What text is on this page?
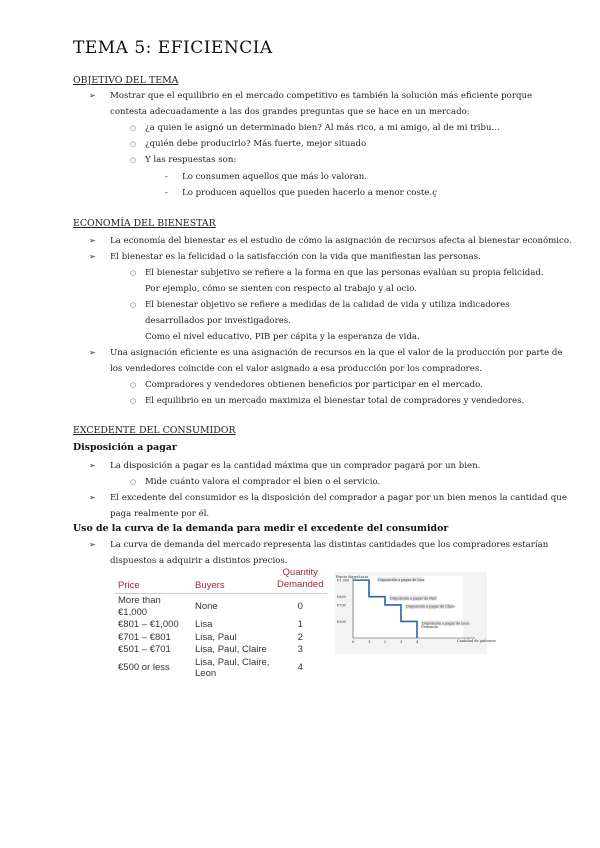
TEMA 5: EFICIENCIA
OBJETIVO DEL TEMA
➢ Mostrar que el equilibrio en el mercado competitivo es también la solución más eficiente porque
contesta adecuadamente a las dos grandes preguntas que se hace en un mercado:
○ ¿a quien le asignó un determinado bien? Al más rico, a mi amigo, al de mi tribu...
○ ¿quién debe producirlo? Más fuerte, mejor situado
○ Y las respuestas son:
- Lo consumen aquellos que más lo valoran.
- Lo producen aquellos que pueden hacerlo a menor coste.ç
ECONOMÍA DEL BIENESTAR
➢ La economía del bienestar es el estudio de cómo la asignación de recursos afecta al bienestar económico.
➢ El bienestar es la felicidad o la satisfacción con la vida que manifiestan las personas.
○ El bienestar subjetivo se refiere a la forma en que las personas evalúan su propia felicidad.
Por ejemplo, cómo se sienten con respecto al trabajo y al ocio.
○ El bienestar objetivo se refiere a medidas de la calidad de vida y utiliza indicadores
desarrollados por investigadores.
Como el nivel educativo, PIB per cápita y la esperanza de vida.
➢ Una asignación eficiente es una asignación de recursos en la que el valor de la producción por parte de
los vendedores coincide con el valor asignado a esa producción por los compradores.
○ Compradores y vendedores obtienen beneficios por participar en el mercado.
○ El equilibrio en un mercado maximiza el bienestar total de compradores y vendedores.
EXCEDENTE DEL CONSUMIDOR
Disposición a pagar
➢ La disposición a pagar es la cantidad máxima que un comprador pagará por un bien.
○ Mide cuánto valora el comprador el bien o el servicio.
➢ El excedente del consumidor es la disposición del comprador a pagar por un bien menos la cantidad que
paga realmente por él.
Uso de la curva de la demanda para medir el excedente del consumidor
➢ La curva de demanda del mercado representa las distintas cantidades que los compradores estarían
dispuestos a adquirir a distintos precios.
Price	Buyers	Quantity Demanded
More than €1,000	None	0
€801 – €1,000	Lisa	1
€701 – €801	Lisa, Paul	2
€501 – €701	Lisa, Paul, Claire	3
€500 or less	Lisa, Paul, Claire, Leon	4
Precio de guitarra
€1.000
€800
€700
€500
0	1	2	3	4	Cantidad de guitarras
Disposición a pagar de Lisa
Disposición a pagar de Paul
Disposición a pagar de Claire
Disposición a pagar de Leon
Demanda
